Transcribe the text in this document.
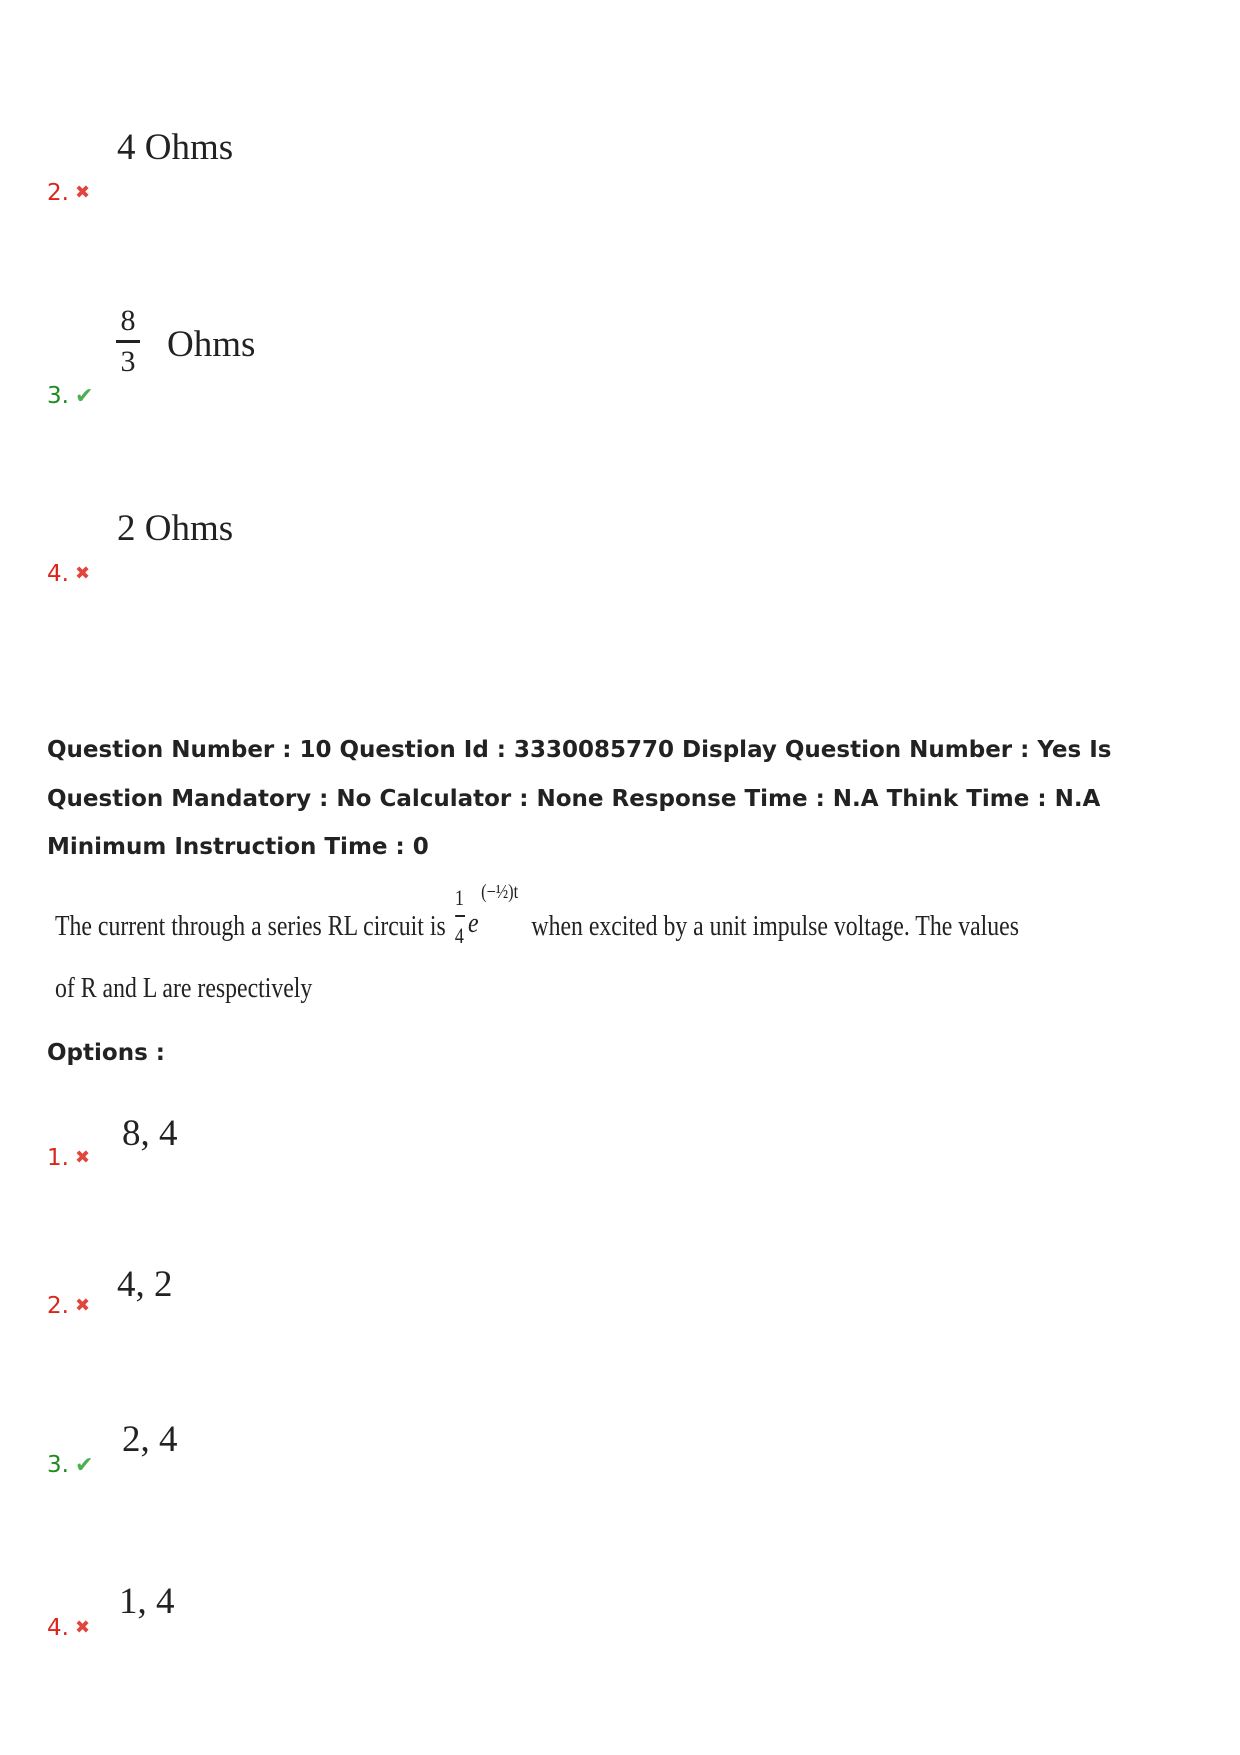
4 Ohms
2. ✖
8
3 Ohms
3. ✔
2 Ohms
4. ✖
Question Number : 10 Question Id : 3330085770 Display Question Number : Yes Is Question Mandatory : No Calculator : None Response Time : N.A Think Time : N.A Minimum Instruction Time : 0
The current through a series RL circuit is
1
4 e
(−½)t
when excited by a unit impulse voltage. The values
of R and L are respectively
Options :
8, 4
1. ✖
4, 2
2. ✖
2, 4
3. ✔
1, 4
4. ✖
